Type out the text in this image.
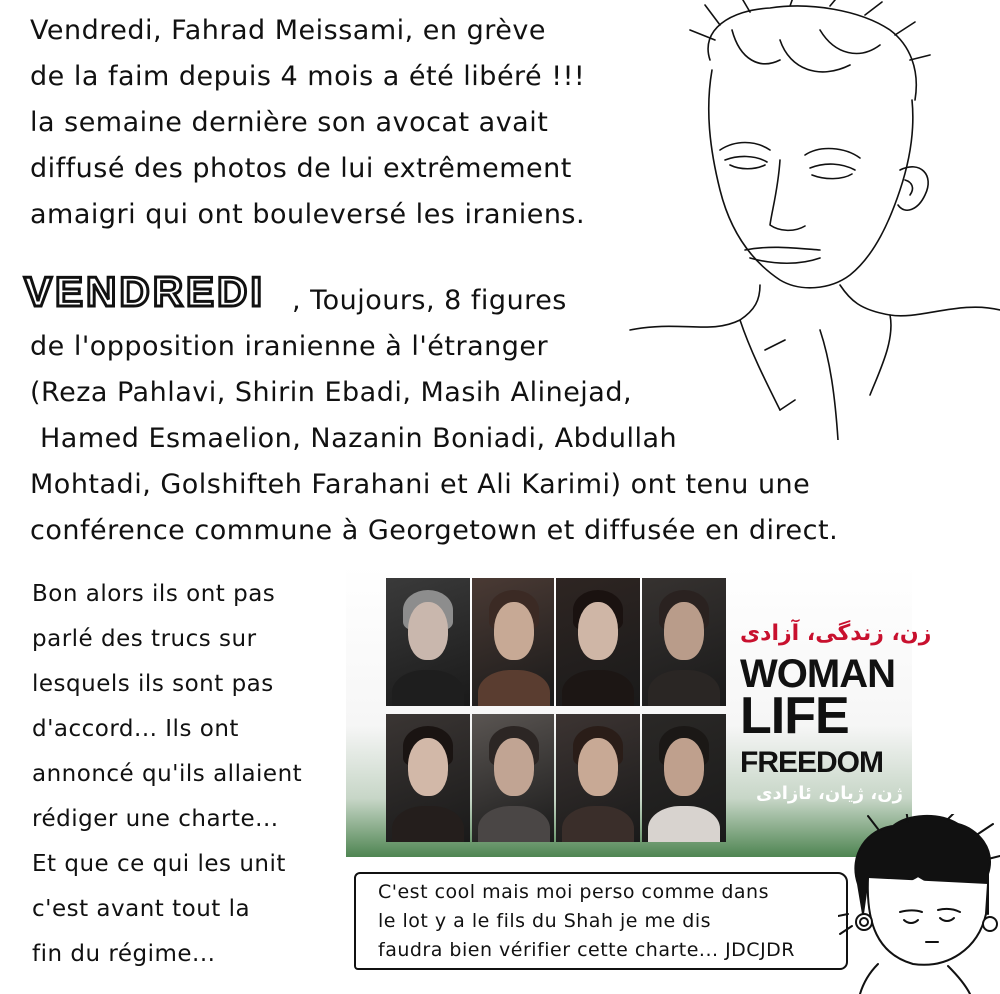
Vendredi, Fahrad Meissami, en grève
de la faim depuis 4 mois a été libéré !!!
la semaine dernière son avocat avait
diffusé des photos de lui extrêmement
amaigri qui ont bouleversé les iraniens.
VENDREDI , Toujours, 8 figures
de l'opposition iranienne à l'étranger
(Reza Pahlavi, Shirin Ebadi, Masih Alinejad,
Hamed Esmaelion, Nazanin Boniadi, Abdullah
Mohtadi, Golshifteh Farahani et Ali Karimi) ont tenu une
conférence commune à Georgetown et diffusée en direct.
Bon alors ils ont pas
parlé des trucs sur
lesquels ils sont pas
d'accord... Ils ont
annoncé qu'ils allaient
rédiger une charte...
Et que ce qui les unit
c'est avant tout la
fin du régime...
زن، زندگی، آزادی
WOMAN
LIFE
FREEDOM
ژن، ژیان، ئازادی
C'est cool mais moi perso comme dans
le lot y a le fils du Shah je me dis
faudra bien vérifier cette charte... JDCJDR
